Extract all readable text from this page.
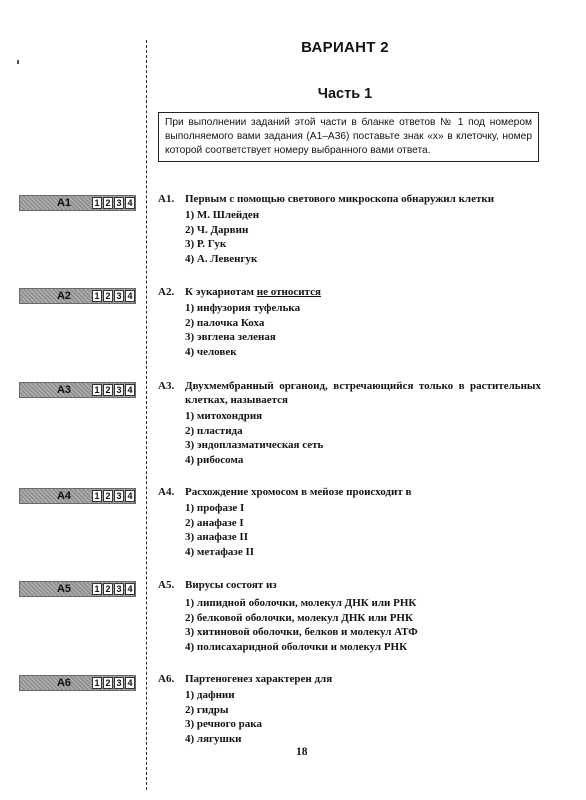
ВАРИАНТ 2
Часть 1
При выполнении заданий этой части в бланке ответов № 1 под номером выполняемого вами задания (А1–А36) поставьте знак «х» в клеточку, номер которой соответствует номеру выбранного вами ответа.
А1	1 2 3 4 А1. Первым с помощью светового микроскопа обнаружил клетки
1) М. Шлейден
2) Ч. Дарвин
3) Р. Гук
4) А. Левенгук
А2	1 2 3 4 А2. К эукариотам не относится
1) инфузория туфелька
2) палочка Коха
3) эвглена зеленая
4) человек
А3	1 2 3 4 А3. Двухмембранный органоид, встречающийся только в растительных клетках, называется
1) митохондрия
2) пластида
3) эндоплазматическая сеть
4) рибосома
А4	1 2 3 4 А4. Расхождение хромосом в мейозе происходит в
1) профазе I
2) анафазе I
3) анафазе II
4) метафазе II
А5	1 2 3 4 А5. Вирусы состоят из
1) липидной оболочки, молекул ДНК или РНК
2) белковой оболочки, молекул ДНК или РНК
3) хитиновой оболочки, белков и молекул АТФ
4) полисахаридной оболочки и молекул РНК
А6	1 2 3 4 А6. Партеногенез характерен для
1) дафнии
2) гидры
3) речного рака
4) лягушки
18
